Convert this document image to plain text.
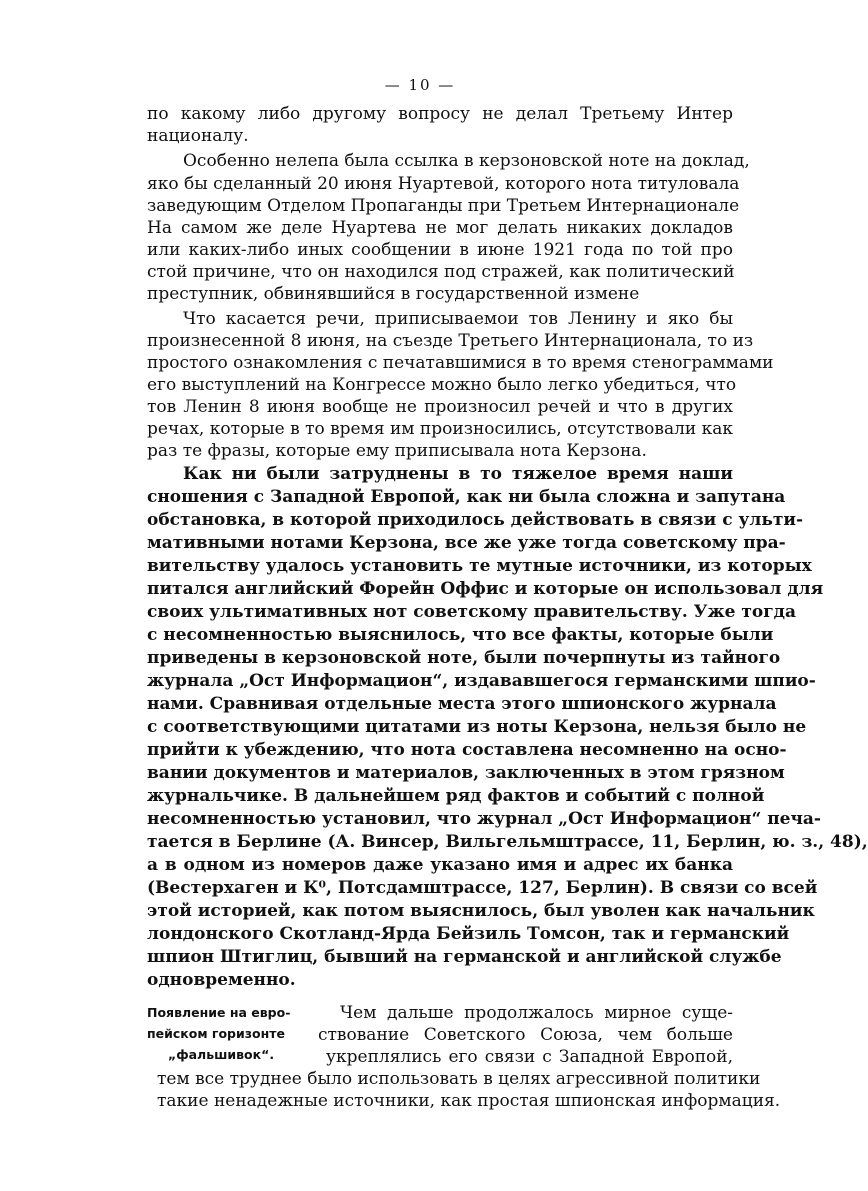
— 10 —
по какому либо другому вопросу не делал Третьему Интер
националу.
Особенно нелепа была ссылка в керзоновской ноте на доклад,
яко бы сделанный 20 июня Нуартевой, которого нота титуловала
заведующим Отделом Пропаганды при Третьем Интернационале
На самом же деле Нуартева не мог делать никаких докладов
или каких-либо иных сообщении в июне 1921 года по той про
стой причине, что он находился под стражей, как политический
преступник, обвинявшийся в государственной измене
Что касается речи, приписываемои тов Ленину и яко бы
произнесенной 8 июня, на съезде Третьего Интернационала, то из
простого ознакомления с печатавшимися в то время стенограммами
его выступлений на Конгрессе можно было легко убедиться, что
тов Ленин 8 июня вообще не произносил речей и что в других
речах, которые в то время им произносились, отсутствовали как
раз те фразы, которые ему приписывала нота Керзона.
Как ни были затруднены в то тяжелое время наши
сношения с Западной Европой, как ни была сложна и запутана
обстановка, в которой приходилось действовать в связи с ульти-
мативными нотами Керзона, все же уже тогда советскому пра-
вительству удалось установить те мутные источники, из которых
питался английский Форейн Оффис и которые он использовал для
своих ультимативных нот советскому правительству. Уже тогда
с несомненностью выяснилось, что все факты, которые были
приведены в керзоновской ноте, были почерпнуты из тайного
журнала „Ост Информацион“, издававшегося германскими шпио-
нами. Сравнивая отдельные места этого шпионского журнала
с соответствующими цитатами из ноты Керзона, нельзя было не
прийти к убеждению, что нота составлена несомненно на осно-
вании документов и материалов, заключенных в этом грязном
журнальчике. В дальнейшем ряд фактов и событий с полной
несомненностью установил, что журнал „Ост Информацион“ печа-
тается в Берлине (А. Винсер, Вильгельмштрассе, 11, Берлин, ю. з., 48),
а в одном из номеров даже указано имя и адрес их банка
(Вестерхаген и К⁰, Потсдамштрассе, 127, Берлин). В связи со всей
этой историей, как потом выяснилось, был уволен как начальник
лондонского Скотланд-Ярда Бейзиль Томсон, так и германский
шпион Штиглиц, бывший на германской и английской службе
одновременно.
Появление на евро-
пейском горизонте
„фальшивок“.
Чем дальше продолжалось мирное суще-
ствование Советского Союза, чем больше
укреплялись его связи с Западной Европой,
тем все труднее было использовать в целях агрессивной политики
такие ненадежные источники, как простая шпионская информация.
